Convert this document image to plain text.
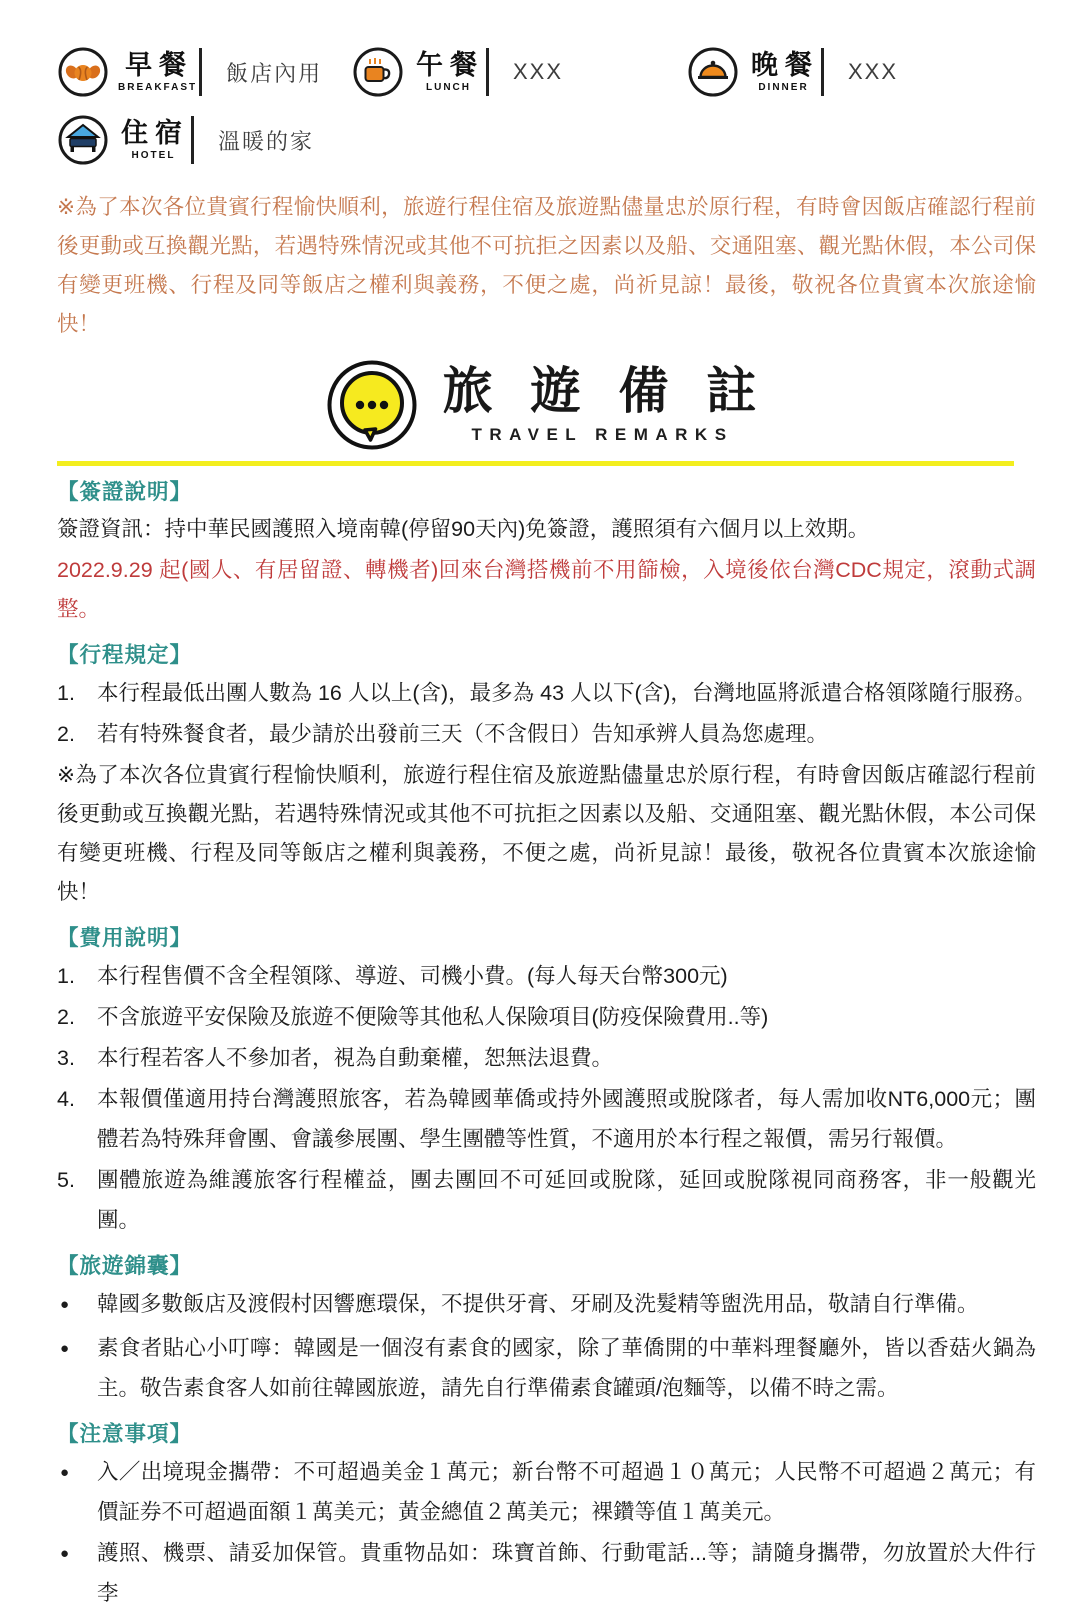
早餐
BREAKFAST
飯店內用	午餐
LUNCH
XXX	晚餐
DINNER
XXX
住宿
HOTEL
溫暖的家

※為了本次各位貴賓行程愉快順利，旅遊行程住宿及旅遊點儘量忠於原行程，有時會因飯店確認行程前後更動或互換觀光點，若遇特殊情況或其他不可抗拒之因素以及船、交通阻塞、觀光點休假，本公司保有變更班機、行程及同等飯店之權利與義務，不便之處，尚祈見諒！最後，敬祝各位貴賓本次旅途愉快！

旅 遊 備 註
TRAVEL REMARKS
【簽證說明】

簽證資訊：持中華民國護照入境南韓(停留90天內)免簽證，護照須有六個月以上效期。

2022.9.29 起(國人、有居留證、轉機者)回來台灣搭機前不用篩檢，入境後依台灣CDC規定，滾動式調整。

【行程規定】
1.	本行程最低出團人數為 16 人以上(含)，最多為 43 人以下(含)，台灣地區將派遣合格領隊隨行服務。
2.	若有特殊餐食者，最少請於出發前三天（不含假日）告知承辨人員為您處理。

※為了本次各位貴賓行程愉快順利，旅遊行程住宿及旅遊點儘量忠於原行程，有時會因飯店確認行程前後更動或互換觀光點，若遇特殊情況或其他不可抗拒之因素以及船、交通阻塞、觀光點休假，本公司保有變更班機、行程及同等飯店之權利與義務，不便之處，尚祈見諒！最後，敬祝各位貴賓本次旅途愉快！

【費用說明】
1.	本行程售價不含全程領隊、導遊、司機小費。(每人每天台幣300元)
2.	不含旅遊平安保險及旅遊不便險等其他私人保險項目(防疫保險費用..等)
3.	本行程若客人不參加者，視為自動棄權，恕無法退費。
4.	本報價僅適用持台灣護照旅客，若為韓國華僑或持外國護照或脫隊者，每人需加收NT6,000元；團體若為特殊拜會團、會議參展團、學生團體等性質，不適用於本行程之報價，需另行報價。
5.	團體旅遊為維護旅客行程權益，團去團回不可延回或脫隊，延回或脫隊視同商務客，非一般觀光團。
【旅遊錦囊】
●
韓國多數飯店及渡假村因響應環保，不提供牙膏、牙刷及洗髮精等盥洗用品，敬請自行準備。
●
素食者貼心小叮嚀：韓國是一個沒有素食的國家，除了華僑開的中華料理餐廳外，皆以香菇火鍋為主。敬告素食客人如前往韓國旅遊，請先自行準備素食罐頭/泡麵等，以備不時之需。
【注意事項】
●
入／出境現金攜帶：不可超過美金１萬元；新台幣不可超過１０萬元；人民幣不可超過２萬元；有價証券不可超過面額１萬美元；黃金總值２萬美元；裸鑽等值１萬美元。
●
護照、機票、請妥加保管。貴重物品如：珠寶首飾、行動電話...等；請隨身攜帶，勿放置於大件行李
